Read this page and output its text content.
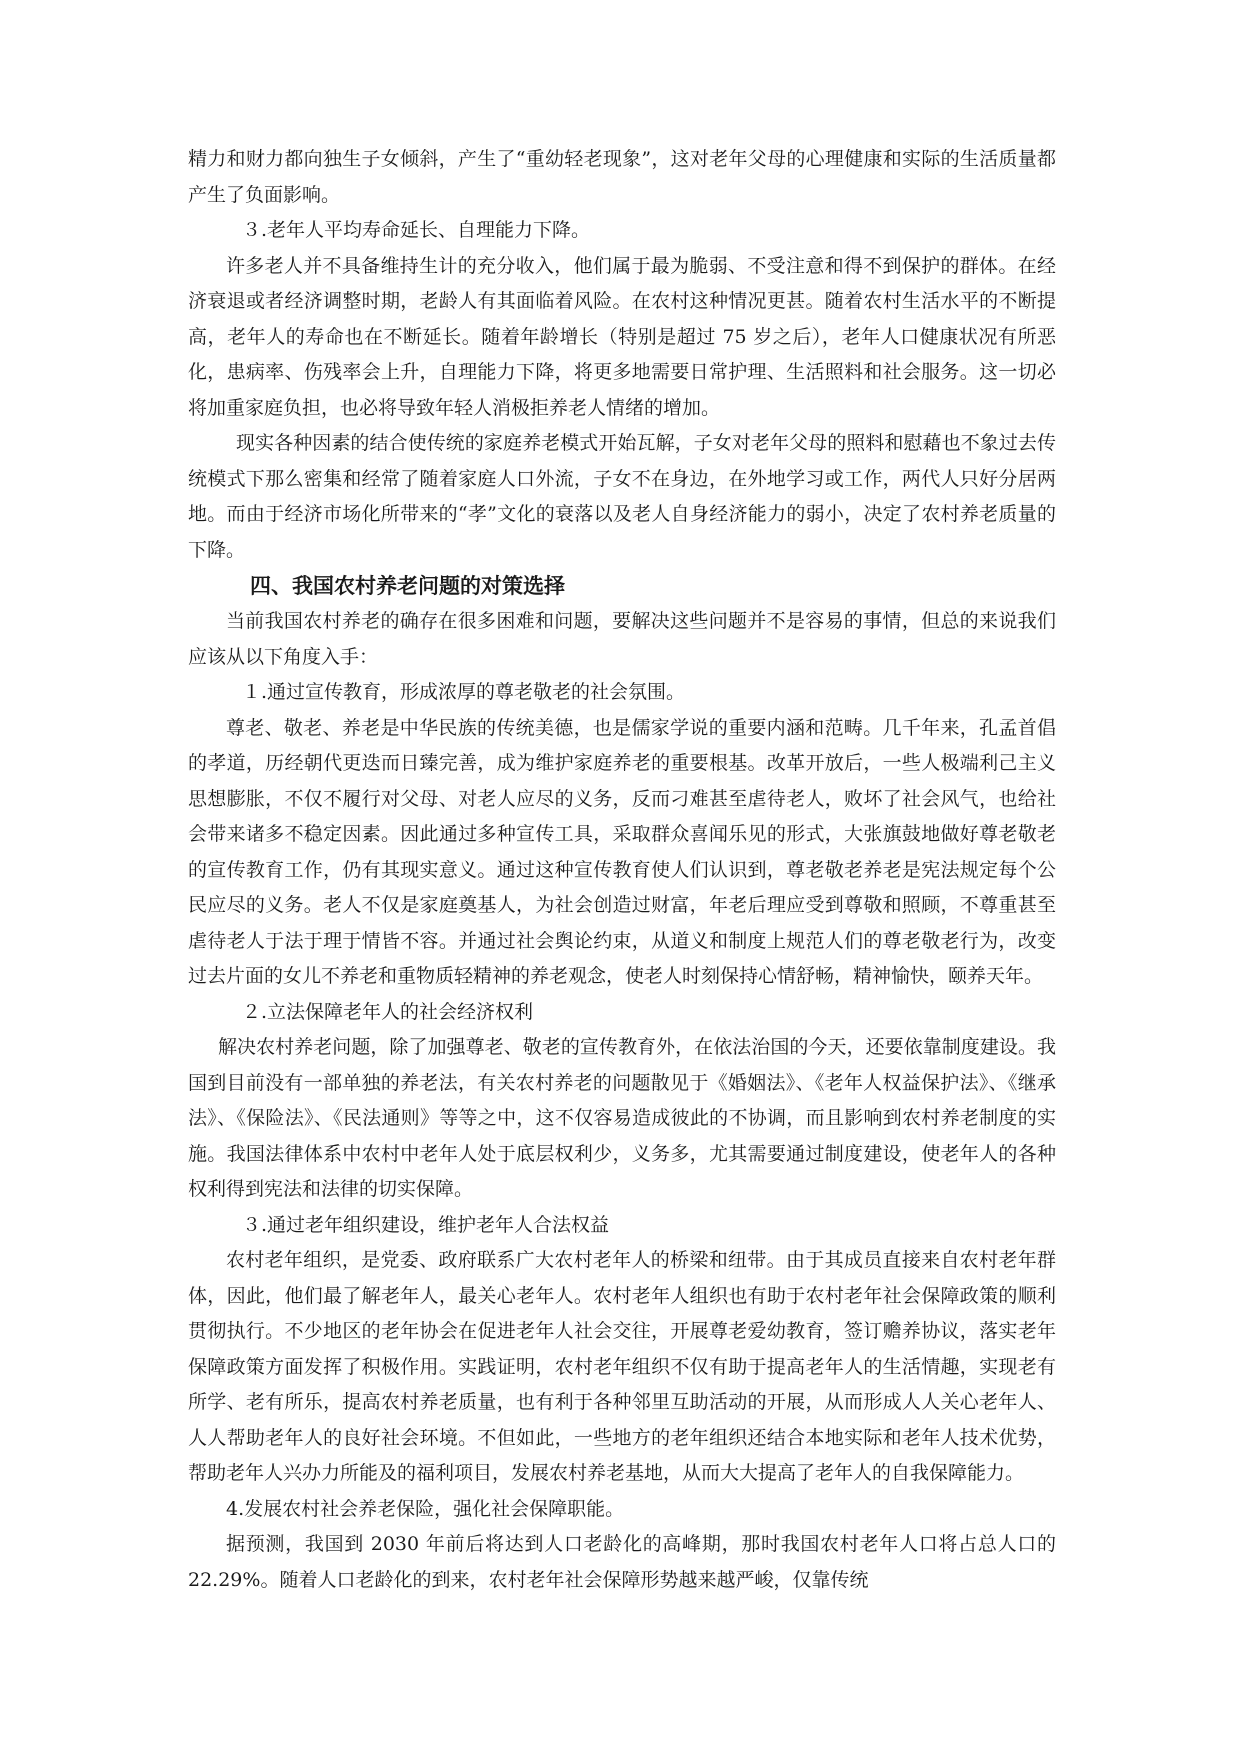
精力和财力都向独生子女倾斜，产生了“重幼轻老现象”，这对老年父母的心理健康和实际的生活质量都产生了负面影响。

３.老年人平均寿命延长、自理能力下降。

许多老人并不具备维持生计的充分收入，他们属于最为脆弱、不受注意和得不到保护的群体。在经济衰退或者经济调整时期，老龄人有其面临着风险。在农村这种情况更甚。随着农村生活水平的不断提高，老年人的寿命也在不断延长。随着年龄增长（特别是超过 75 岁之后），老年人口健康状况有所恶化，患病率、伤残率会上升，自理能力下降，将更多地需要日常护理、生活照料和社会服务。这一切必将加重家庭负担，也必将导致年轻人消极拒养老人情绪的增加。

现实各种因素的结合使传统的家庭养老模式开始瓦解，子女对老年父母的照料和慰藉也不象过去传统模式下那么密集和经常了随着家庭人口外流，子女不在身边，在外地学习或工作，两代人只好分居两地。而由于经济市场化所带来的“孝”文化的衰落以及老人自身经济能力的弱小，决定了农村养老质量的下降。

四、我国农村养老问题的对策选择

当前我国农村养老的确存在很多困难和问题，要解决这些问题并不是容易的事情，但总的来说我们应该从以下角度入手：

１.通过宣传教育，形成浓厚的尊老敬老的社会氛围。

尊老、敬老、养老是中华民族的传统美德，也是儒家学说的重要内涵和范畴。几千年来，孔孟首倡的孝道，历经朝代更迭而日臻完善，成为维护家庭养老的重要根基。改革开放后，一些人极端利己主义思想膨胀，不仅不履行对父母、对老人应尽的义务，反而刁难甚至虐待老人，败坏了社会风气，也给社会带来诸多不稳定因素。因此通过多种宣传工具，采取群众喜闻乐见的形式，大张旗鼓地做好尊老敬老的宣传教育工作，仍有其现实意义。通过这种宣传教育使人们认识到，尊老敬老养老是宪法规定每个公民应尽的义务。老人不仅是家庭奠基人，为社会创造过财富，年老后理应受到尊敬和照顾，不尊重甚至虐待老人于法于理于情皆不容。并通过社会舆论约束，从道义和制度上规范人们的尊老敬老行为，改变过去片面的女儿不养老和重物质轻精神的养老观念，使老人时刻保持心情舒畅，精神愉快，颐养天年。

２.立法保障老年人的社会经济权利

解决农村养老问题，除了加强尊老、敬老的宣传教育外，在依法治国的今天，还要依靠制度建设。我国到目前没有一部单独的养老法，有关农村养老的问题散见于《婚姻法》、《老年人权益保护法》、《继承法》、《保险法》、《民法通则》等等之中，这不仅容易造成彼此的不协调，而且影响到农村养老制度的实施。我国法律体系中农村中老年人处于底层权利少，义务多，尤其需要通过制度建设，使老年人的各种权利得到宪法和法律的切实保障。

３.通过老年组织建设，维护老年人合法权益

农村老年组织，是党委、政府联系广大农村老年人的桥梁和纽带。由于其成员直接来自农村老年群体，因此，他们最了解老年人，最关心老年人。农村老年人组织也有助于农村老年社会保障政策的顺利贯彻执行。不少地区的老年协会在促进老年人社会交往，开展尊老爱幼教育，签订赡养协议，落实老年保障政策方面发挥了积极作用。实践证明，农村老年组织不仅有助于提高老年人的生活情趣，实现老有所学、老有所乐，提高农村养老质量，也有利于各种邻里互助活动的开展，从而形成人人关心老年人、人人帮助老年人的良好社会环境。不但如此，一些地方的老年组织还结合本地实际和老年人技术优势，帮助老年人兴办力所能及的福利项目，发展农村养老基地，从而大大提高了老年人的自我保障能力。

4.发展农村社会养老保险，强化社会保障职能。

据预测，我国到 2030 年前后将达到人口老龄化的高峰期，那时我国农村老年人口将占总人口的 22.29%。随着人口老龄化的到来，农村老年社会保障形势越来越严峻，仅靠传统
